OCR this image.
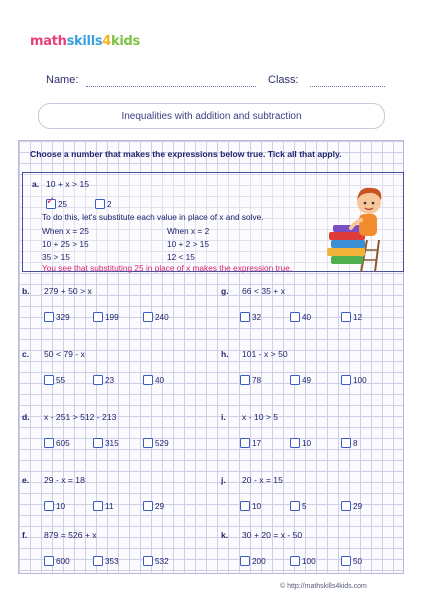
mathskills4kids
Name:	Class:
Inequalities with addition and subtraction
Choose a number that makes the expressions below true. Tick all that apply.
a. 10 + x > 15
✓ 25	2
To do this, let's substitute each value in place of x and solve.
When x = 25
10 + 25 > 15
35 > 15
When x = 2
10 + 2 > 15
12 < 15
You see that substituting 25 in place of x makes the expression true.
b. 279 + 50 > x
329	199	240
g. 66 < 35 + x
32	40	12
c. 50 < 79 - x
55	23	40
h. 101 - x > 50
78	49	100
d. x - 251 > 512 - 213
605	315	529
i. x - 10 > 5
17	10	8
e. 29 - x = 18
10	11	29
j. 20 - x = 15
10	5	29
f. 879 = 526 + x
600	353	532
k. 30 + 20 = x - 50
200	100	50
© http://mathskills4kids.com
